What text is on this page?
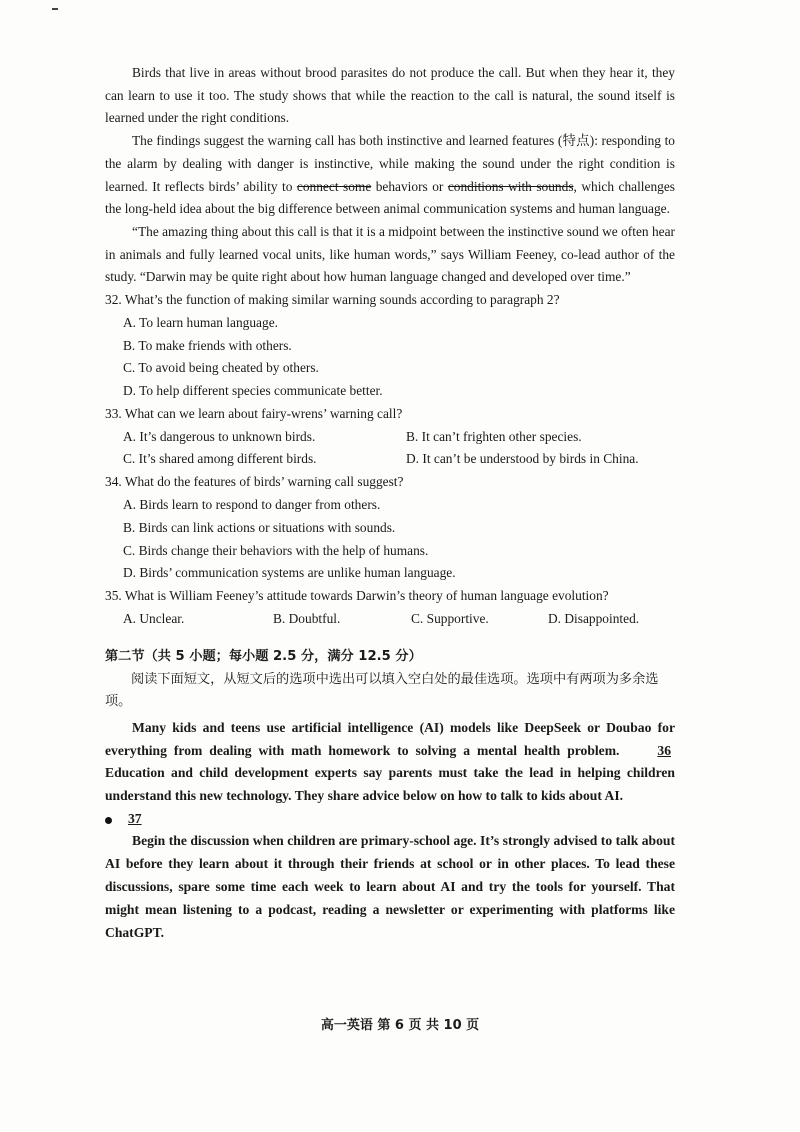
Birds that live in areas without brood parasites do not produce the call. But when they hear it, they can learn to use it too. The study shows that while the reaction to the call is natural, the sound itself is learned under the right conditions.

The findings suggest the warning call has both instinctive and learned features (特点): responding to the alarm by dealing with danger is instinctive, while making the sound under the right condition is learned. It reflects birds’ ability to connect some behaviors or conditions with sounds, which challenges the long-held idea about the big difference between animal communication systems and human language.

“The amazing thing about this call is that it is a midpoint between the instinctive sound we often hear in animals and fully learned vocal units, like human words,” says William Feeney, co-lead author of the study. “Darwin may be quite right about how human language changed and developed over time.”

32. What’s the function of making similar warning sounds according to paragraph 2?

A. To learn human language.

B. To make friends with others.

C. To avoid being cheated by others.

D. To help different species communicate better.

33. What can we learn about fairy-wrens’ warning call?

A. It’s dangerous to unknown birds.	B. It can’t frighten other species.
C. It’s shared among different birds.	D. It can’t be understood by birds in China.

34. What do the features of birds’ warning call suggest?

A. Birds learn to respond to danger from others.

B. Birds can link actions or situations with sounds.

C. Birds change their behaviors with the help of humans.

D. Birds’ communication systems are unlike human language.

35. What is William Feeney’s attitude towards Darwin’s theory of human language evolution?

A. Unclear.	B. Doubtful.	C. Supportive.	D. Disappointed.
第二节（共 5 小题；每小题 2.5 分，满分 12.5 分）

阅读下面短文，从短文后的选项中选出可以填入空白处的最佳选项。选项中有两项为多余选项。

Many kids and teens use artificial intelligence (AI) models like DeepSeek or Doubao for everything from dealing with math homework to solving a mental health problem.	36 Education and child development experts say parents must take the lead in helping children understand this new technology. They share advice below on how to talk to kids about AI.

37

Begin the discussion when children are primary-school age. It’s strongly advised to talk about AI before they learn about it through their friends at school or in other places. To lead these discussions, spare some time each week to learn about AI and try the tools for yourself. That might mean listening to a podcast, reading a newsletter or experimenting with platforms like ChatGPT.

高一英语 第 6 页 共 10 页
